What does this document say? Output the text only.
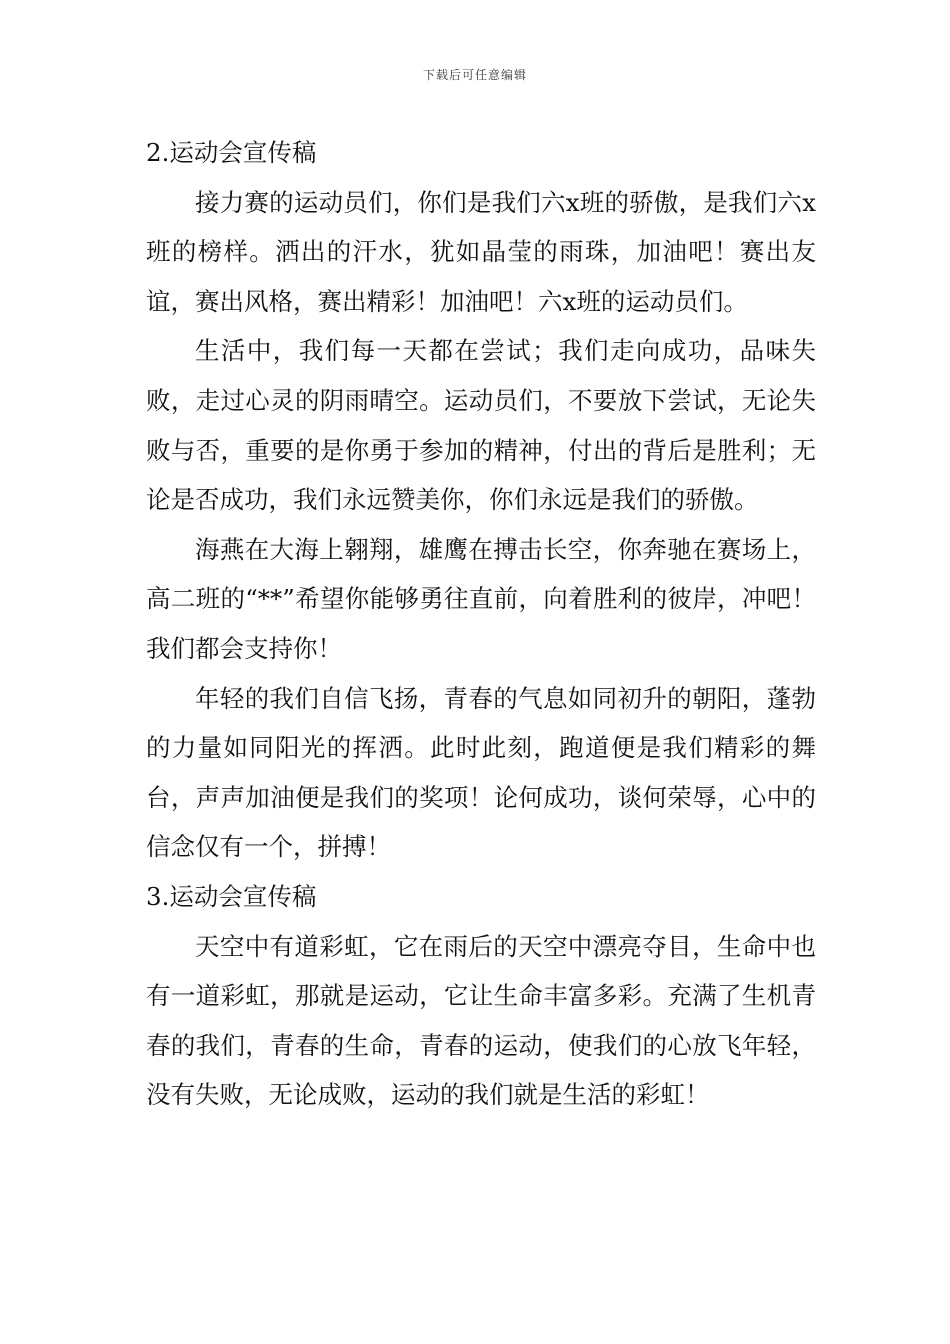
下载后可任意编辑
2.运动会宣传稿

接力赛的运动员们，你们是我们六x班的骄傲，是我们六x班的榜样。洒出的汗水，犹如晶莹的雨珠，加油吧！赛出友谊，赛出风格，赛出精彩！加油吧！六x班的运动员们。

生活中，我们每一天都在尝试；我们走向成功，品味失败，走过心灵的阴雨晴空。运动员们，不要放下尝试，无论失败与否，重要的是你勇于参加的精神，付出的背后是胜利；无论是否成功，我们永远赞美你，你们永远是我们的骄傲。

海燕在大海上翱翔，雄鹰在搏击长空，你奔驰在赛场上，高二班的“**”希望你能够勇往直前，向着胜利的彼岸，冲吧！我们都会支持你！

年轻的我们自信飞扬，青春的气息如同初升的朝阳，蓬勃的力量如同阳光的挥洒。此时此刻，跑道便是我们精彩的舞台，声声加油便是我们的奖项！论何成功，谈何荣辱，心中的信念仅有一个，拼搏！

3.运动会宣传稿

天空中有道彩虹，它在雨后的天空中漂亮夺目，生命中也有一道彩虹，那就是运动，它让生命丰富多彩。充满了生机青春的我们，青春的生命，青春的运动，使我们的心放飞年轻，没有失败，无论成败，运动的我们就是生活的彩虹！
